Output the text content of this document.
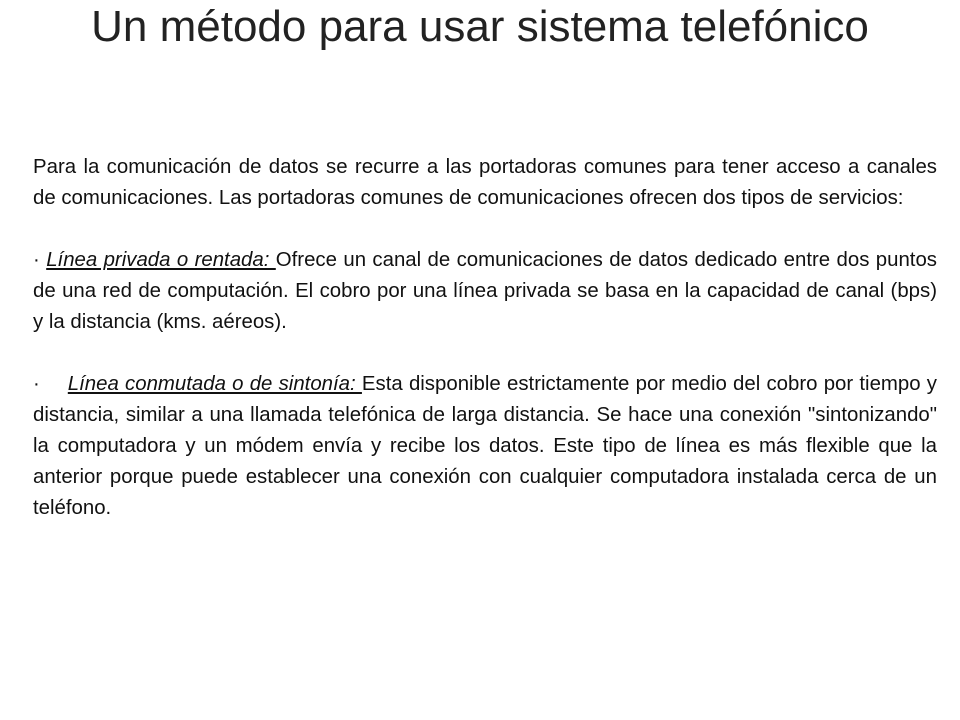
Un método para usar sistema telefónico

Para la comunicación de datos se recurre a las portadoras comunes para tener acceso a canales de comunicaciones. Las portadoras comunes de comunicaciones ofrecen dos tipos de servicios:

· Línea privada o rentada: Ofrece un canal de comunicaciones de datos dedicado entre dos puntos de una red de computación. El cobro por una línea privada se basa en la capacidad de canal (bps) y la distancia (kms. aéreos).

· Línea conmutada o de sintonía: Esta disponible estrictamente por medio del cobro por tiempo y distancia, similar a una llamada telefónica de larga distancia. Se hace una conexión "sintonizando" la computadora y un módem envía y recibe los datos. Este tipo de línea es más flexible que la anterior porque puede establecer una conexión con cualquier computadora instalada cerca de un teléfono.
